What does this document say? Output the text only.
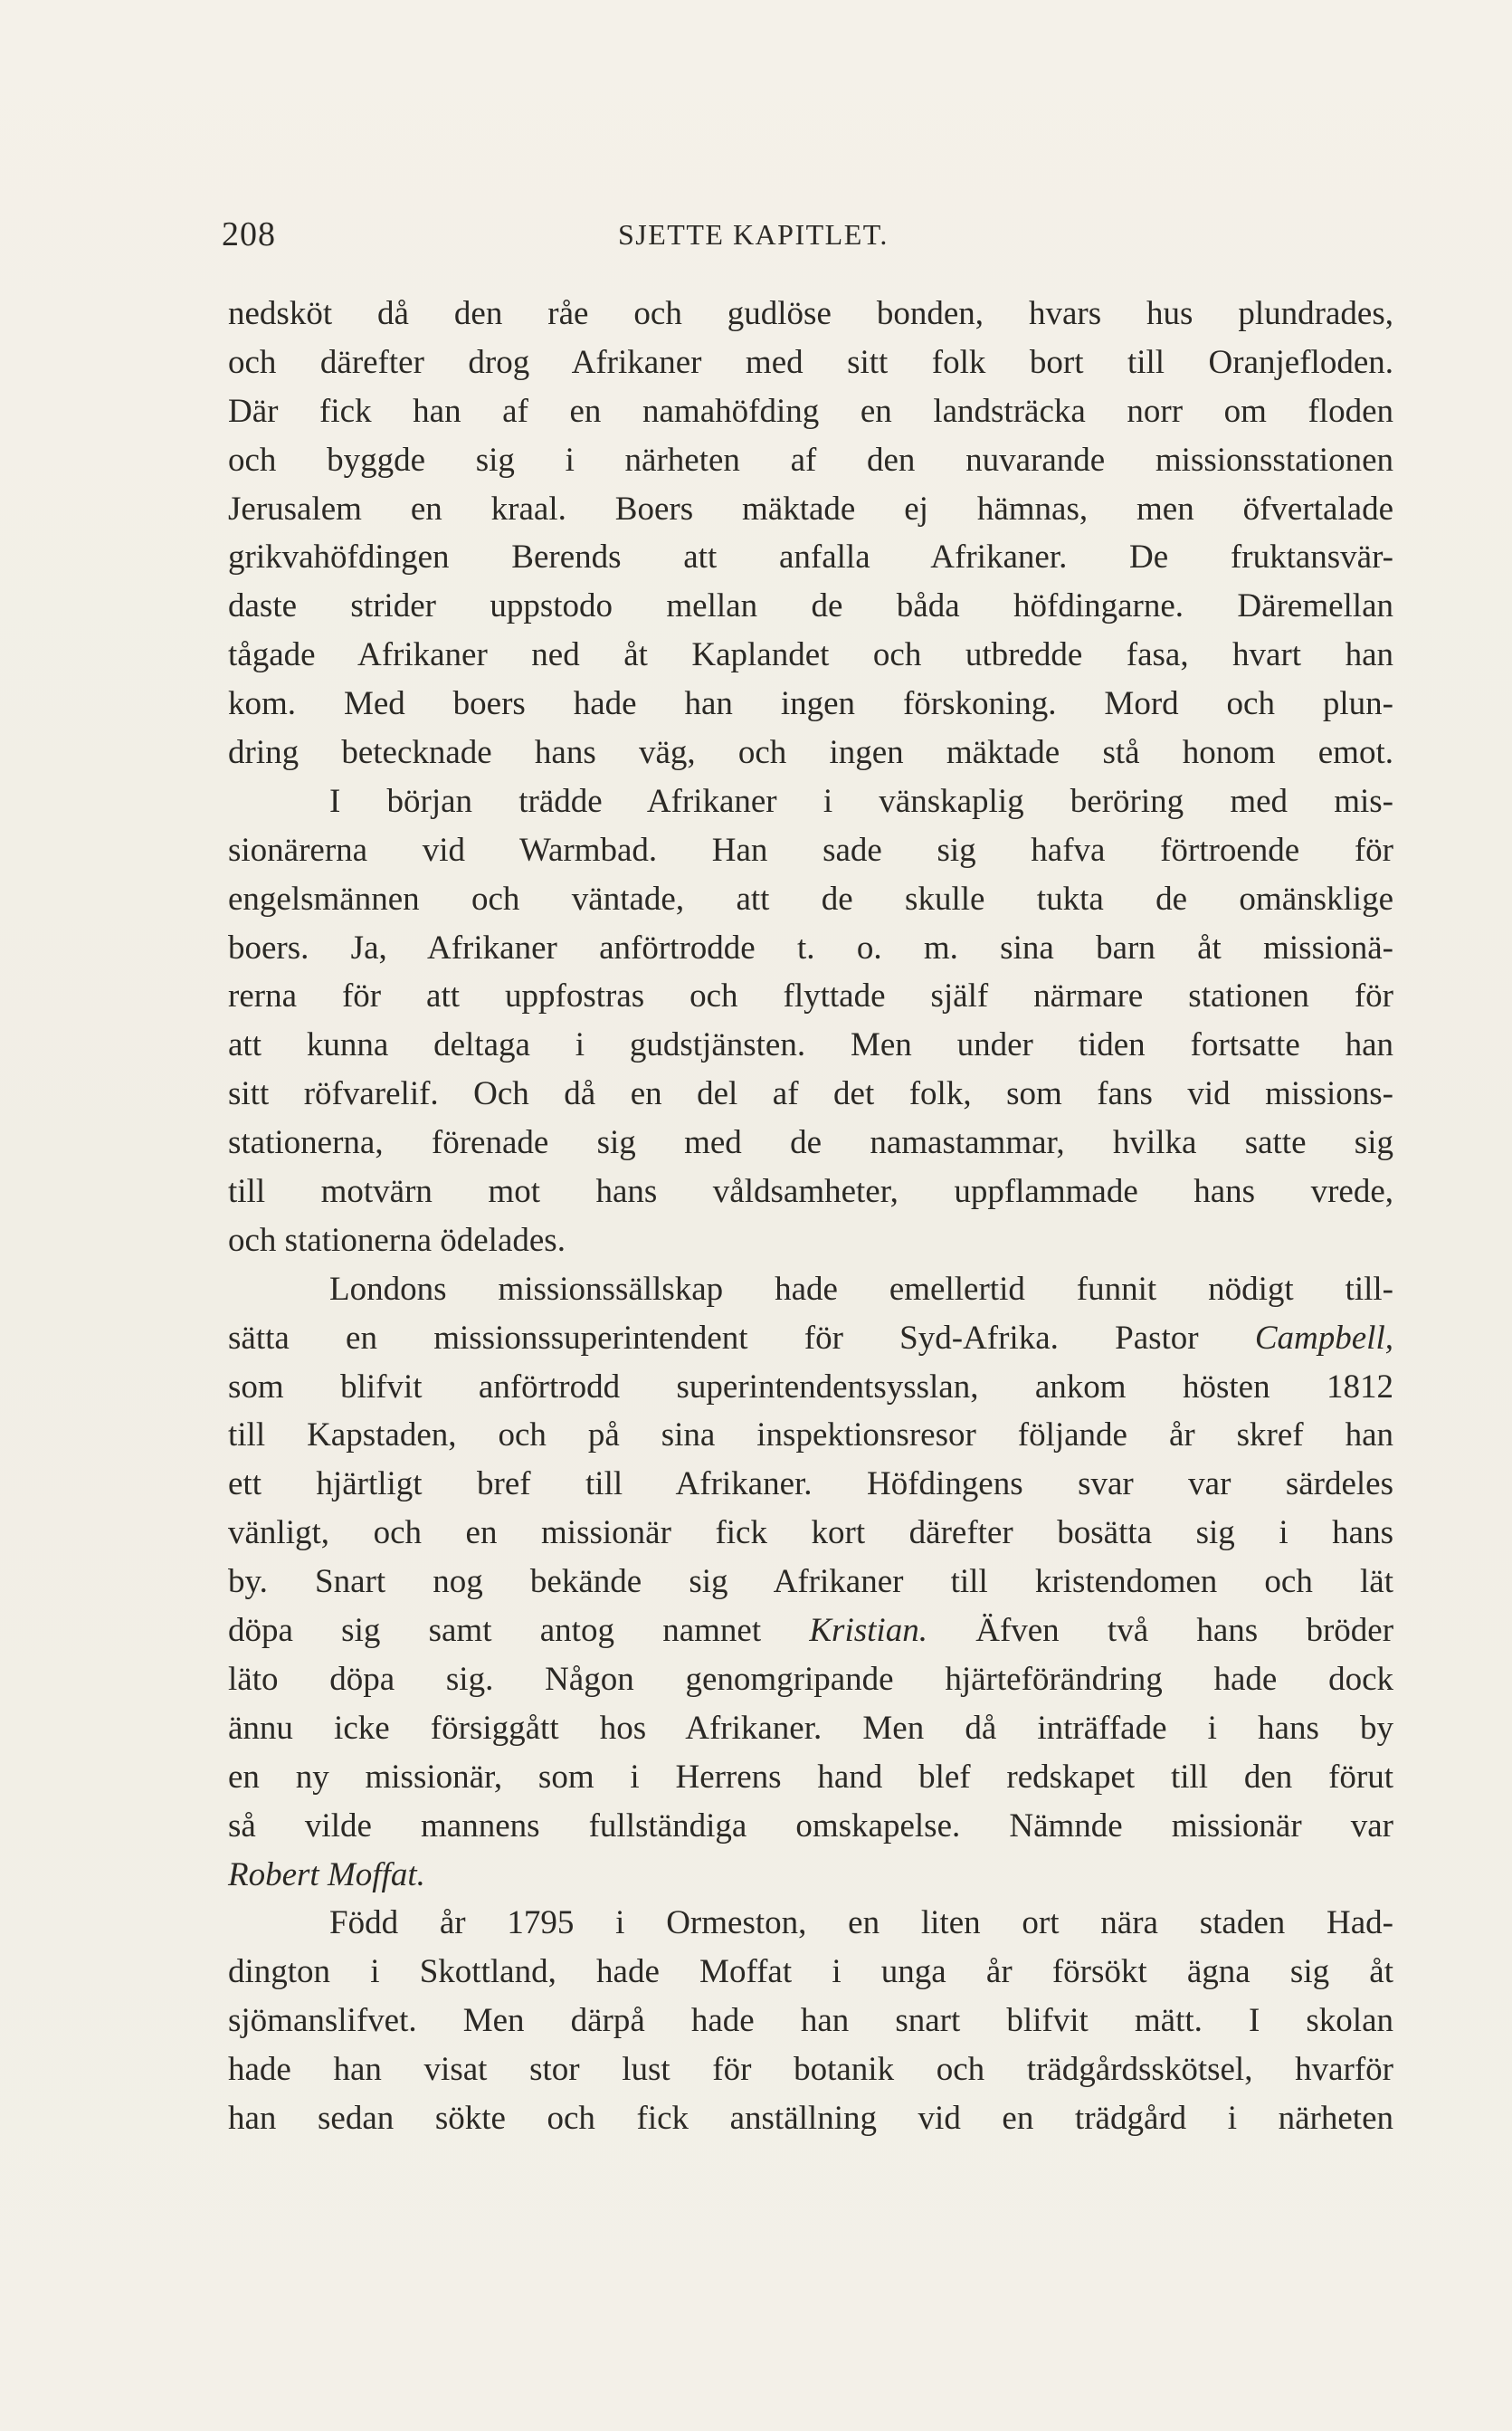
208	SJETTE KAPITLET.
nedsköt då den råe och gudlöse bonden, hvars hus plundrades,
och därefter drog Afrikaner med sitt folk bort till Oranjefloden.
Där fick han af en namahöfding en landsträcka norr om floden
och byggde sig i närheten af den nuvarande missionsstationen
Jerusalem en kraal. Boers mäktade ej hämnas, men öfvertalade
grikvahöfdingen Berends att anfalla Afrikaner. De fruktansvär-
daste strider uppstodo mellan de båda höfdingarne. Däremellan
tågade Afrikaner ned åt Kaplandet och utbredde fasa, hvart han
kom. Med boers hade han ingen förskoning. Mord och plun-
dring betecknade hans väg, och ingen mäktade stå honom emot.
I början trädde Afrikaner i vänskaplig beröring med mis-
sionärerna vid Warmbad. Han sade sig hafva förtroende för
engelsmännen och väntade, att de skulle tukta de omänsklige
boers. Ja, Afrikaner anförtrodde t. o. m. sina barn åt missionä-
rerna för att uppfostras och flyttade själf närmare stationen för
att kunna deltaga i gudstjänsten. Men under tiden fortsatte han
sitt röfvarelif. Och då en del af det folk, som fans vid missions-
stationerna, förenade sig med de namastammar, hvilka satte sig
till motvärn mot hans våldsamheter, uppflammade hans vrede,
och stationerna ödelades.
Londons missionssällskap hade emellertid funnit nödigt till-
sätta en missionssuperintendent för Syd-Afrika. Pastor Campbell,
som blifvit anförtrodd superintendentsysslan, ankom hösten 1812
till Kapstaden, och på sina inspektionsresor följande år skref han
ett hjärtligt bref till Afrikaner. Höfdingens svar var särdeles
vänligt, och en missionär fick kort därefter bosätta sig i hans
by. Snart nog bekände sig Afrikaner till kristendomen och lät
döpa sig samt antog namnet Kristian. Äfven två hans bröder
läto döpa sig. Någon genomgripande hjärteförändring hade dock
ännu icke försiggått hos Afrikaner. Men då inträffade i hans by
en ny missionär, som i Herrens hand blef redskapet till den förut
så vilde mannens fullständiga omskapelse. Nämnde missionär var
Robert Moffat.
Född år 1795 i Ormeston, en liten ort nära staden Had-
dington i Skottland, hade Moffat i unga år försökt ägna sig åt
sjömanslifvet. Men därpå hade han snart blifvit mätt. I skolan
hade han visat stor lust för botanik och trädgårdsskötsel, hvarför
han sedan sökte och fick anställning vid en trädgård i närheten
